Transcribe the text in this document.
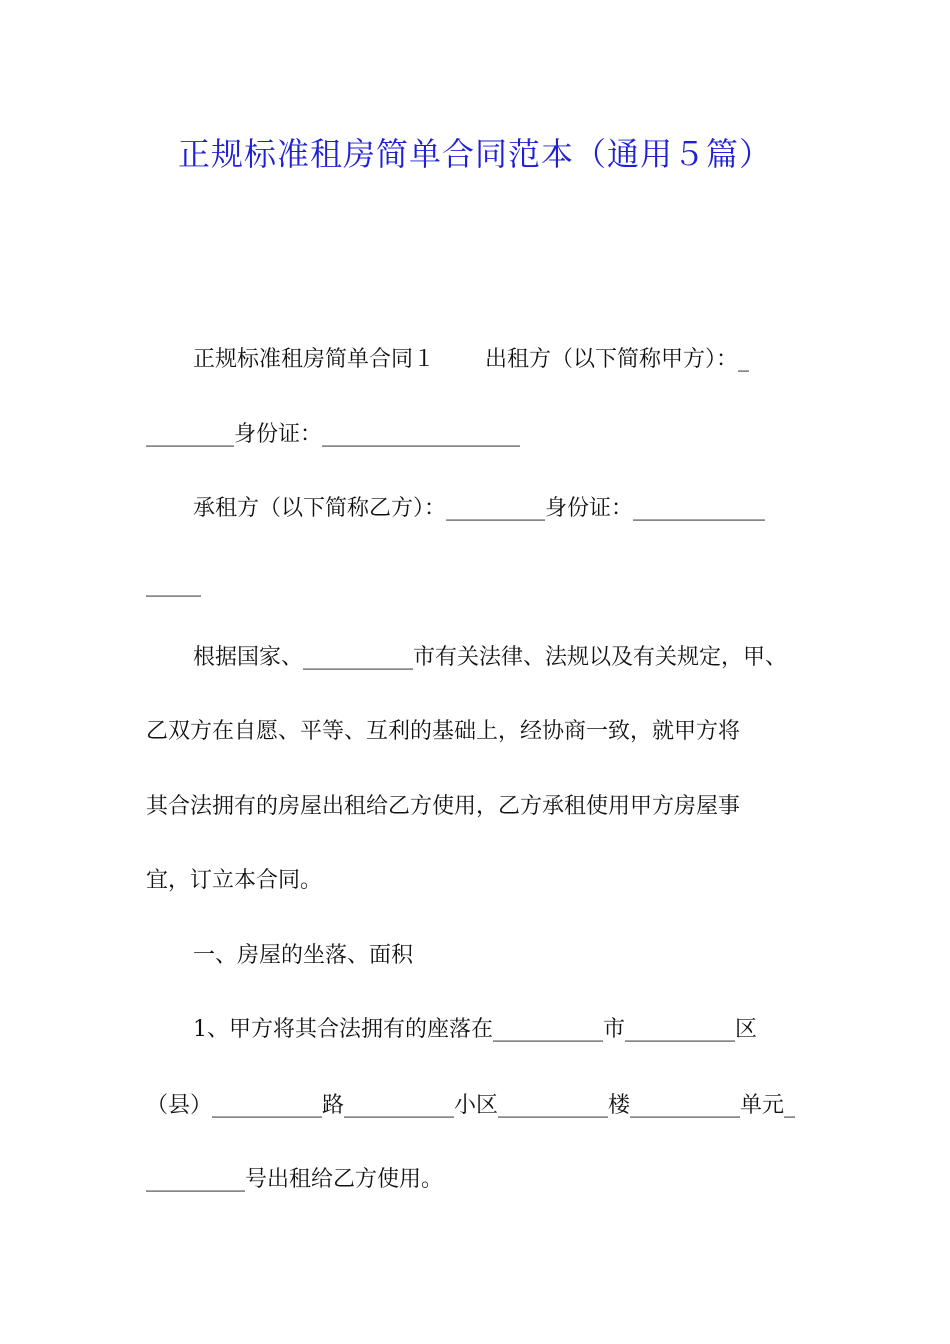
正规标准租房简单合同范本（通用５篇）

正规标准租房简单合同１ 出租方（以下简称甲方）：_

________身份证：__________________

承租方（以下简称乙方）：_________身份证：____________

_____

根据国家、__________市有关法律、法规以及有关规定，甲、

乙双方在自愿、平等、互利的基础上，经协商一致，就甲方将

其合法拥有的房屋出租给乙方使用，乙方承租使用甲方房屋事

宜，订立本合同。

一、房屋的坐落、面积

1、甲方将其合法拥有的座落在__________市__________区

（县）__________路__________小区__________楼__________单元_

_________号出租给乙方使用。
